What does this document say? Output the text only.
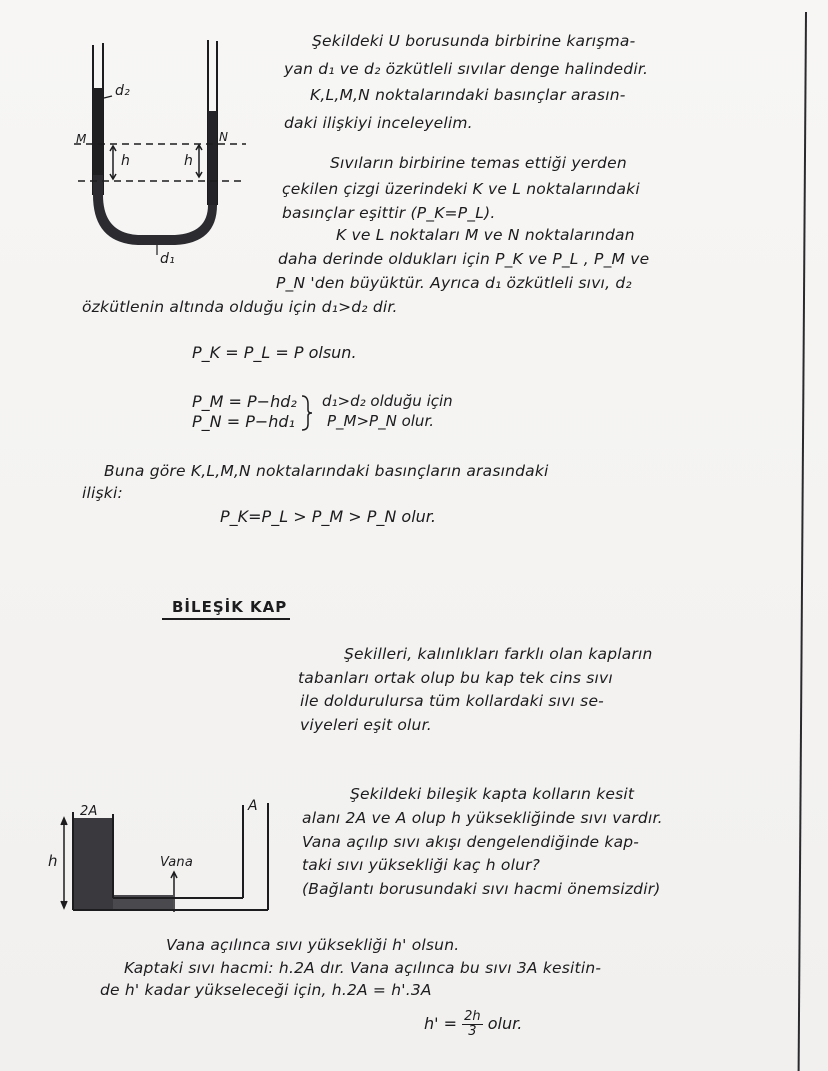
d₂
d₁
M	N
h	h
Şekildeki U borusunda birbirine karışma-
yan d₁ ve d₂ özkütleli sıvılar denge halindedir.
K,L,M,N noktalarındaki basınçlar arasın-
daki ilişkiyi inceleyelim.
Sıvıların birbirine temas ettiği yerden
çekilen çizgi üzerindeki K ve L noktalarındaki
basınçlar eşittir (P_K=P_L).
K ve L noktaları M ve N noktalarından
daha derinde oldukları için P_K ve P_L , P_M ve
P_N 'den büyüktür. Ayrıca d₁ özkütleli sıvı, d₂
özkütlenin altında olduğu için d₁>d₂ dir.
P_K = P_L = P olsun.
P_M = P−hd₂
P_N = P−hd₁
d₁>d₂ olduğu için
P_M>P_N olur.
Buna göre K,L,M,N noktalarındaki basınçların arasındaki
ilişki:
P_K=P_L > P_M > P_N olur.
BİLEŞİK KAP
Şekilleri, kalınlıkları farklı olan kapların
tabanları ortak olup bu kap tek cins sıvı
ile doldurulursa tüm kollardaki sıvı se-
viyeleri eşit olur.
Şekildeki bileşik kapta kolların kesit
alanı 2A ve A olup h yüksekliğinde sıvı vardır.
Vana açılıp sıvı akışı dengelendiğinde kap-
taki sıvı yüksekliği kaç h olur?
(Bağlantı borusundaki sıvı hacmi önemsizdir)
2A	A
h	Vana
Vana açılınca sıvı yüksekliği h' olsun.
Kaptaki sıvı hacmi: h.2A dır. Vana açılınca bu sıvı 3A kesitin-
de h' kadar yükseleceği için, h.2A = h'.3A
$h' = \frac{2h}{3}$ olur.
